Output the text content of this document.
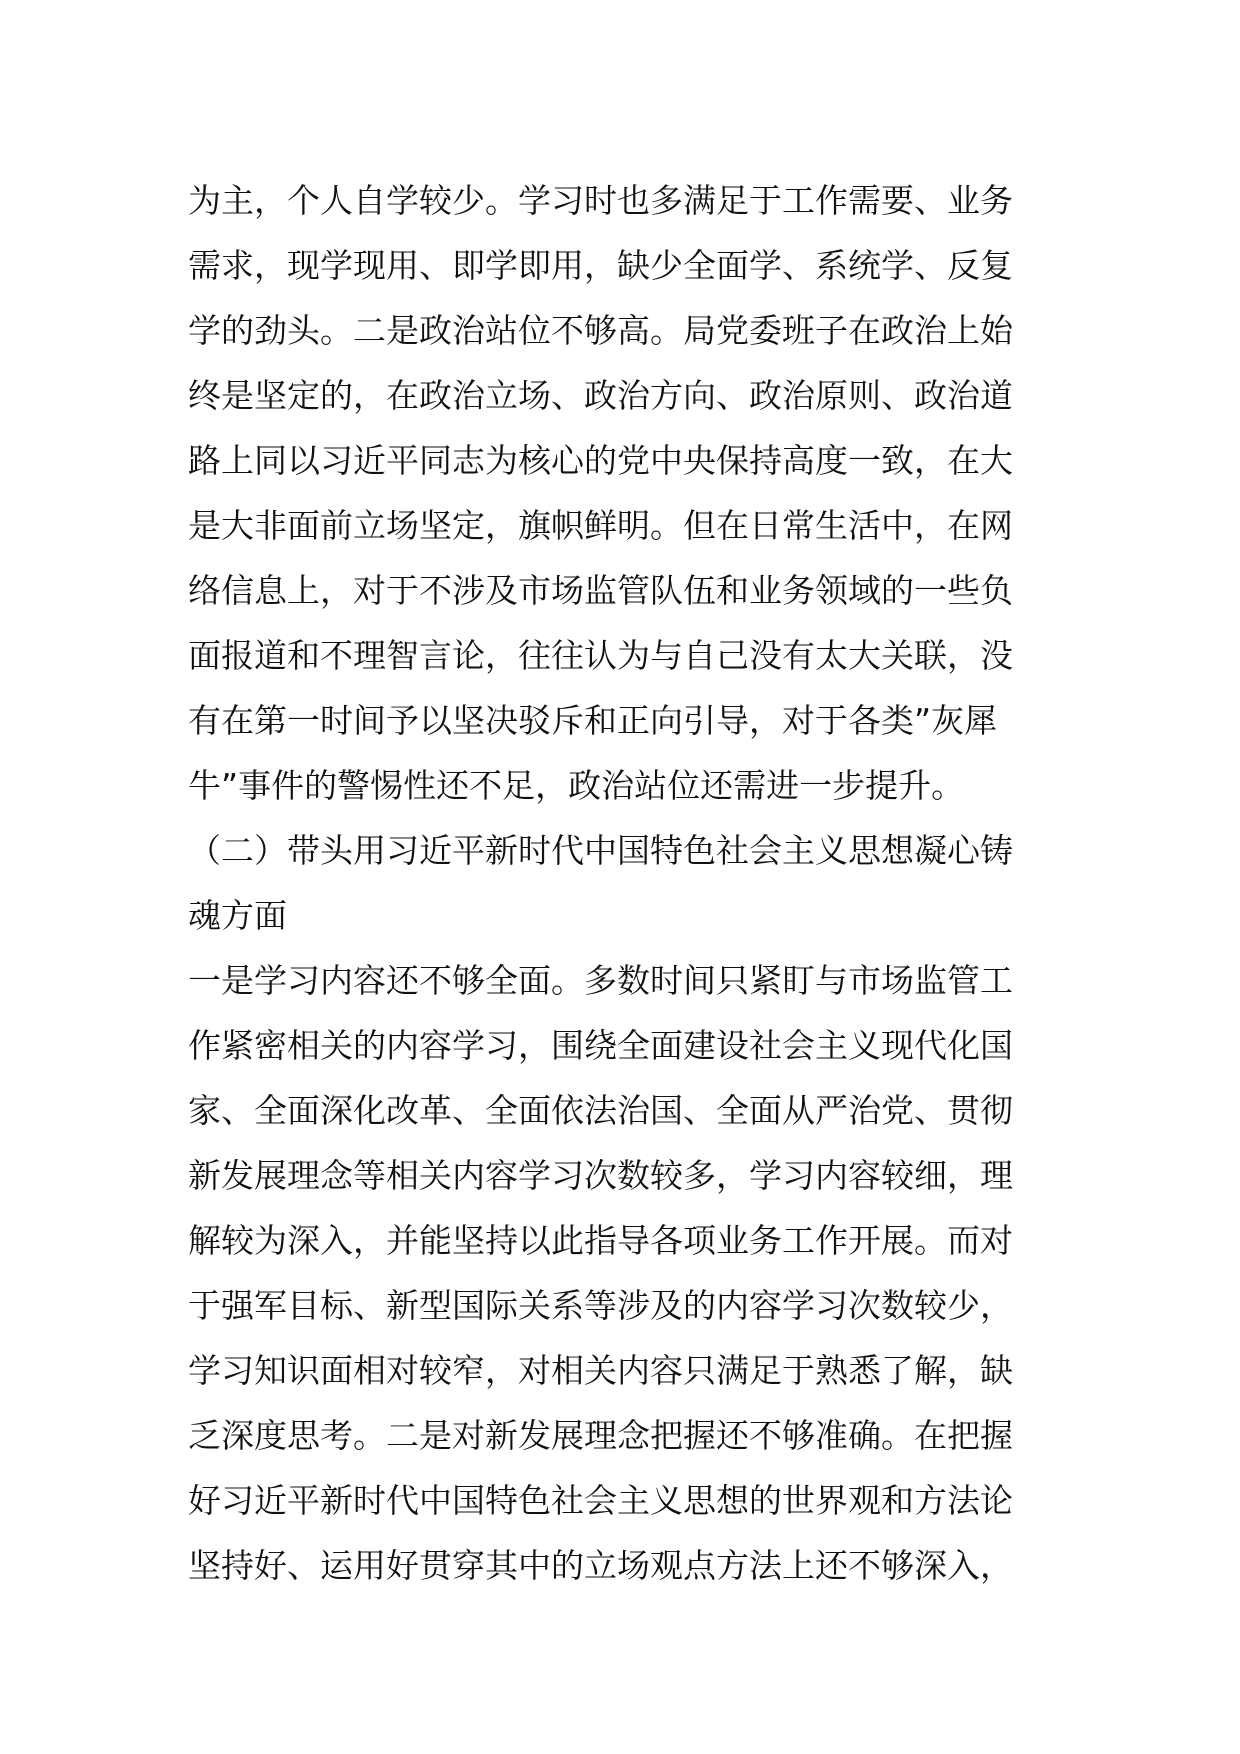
为主，个人自学较少。学习时也多满足于工作需要、业务
需求，现学现用、即学即用，缺少全面学、系统学、反复
学的劲头。二是政治站位不够高。局党委班子在政治上始
终是坚定的，在政治立场、政治方向、政治原则、政治道
路上同以习近平同志为核心的党中央保持高度一致，在大
是大非面前立场坚定，旗帜鲜明。但在日常生活中，在网
络信息上，对于不涉及市场监管队伍和业务领域的一些负
面报道和不理智言论，往往认为与自己没有太大关联，没
有在第一时间予以坚决驳斥和正向引导，对于各类”灰犀
牛”事件的警惕性还不足，政治站位还需进一步提升。
（二）带头用习近平新时代中国特色社会主义思想凝心铸
魂方面
一是学习内容还不够全面。多数时间只紧盯与市场监管工
作紧密相关的内容学习，围绕全面建设社会主义现代化国
家、全面深化改革、全面依法治国、全面从严治党、贯彻
新发展理念等相关内容学习次数较多，学习内容较细，理
解较为深入，并能坚持以此指导各项业务工作开展。而对
于强军目标、新型国际关系等涉及的内容学习次数较少，
学习知识面相对较窄，对相关内容只满足于熟悉了解，缺
乏深度思考。二是对新发展理念把握还不够准确。在把握
好习近平新时代中国特色社会主义思想的世界观和方法论
坚持好、运用好贯穿其中的立场观点方法上还不够深入，
